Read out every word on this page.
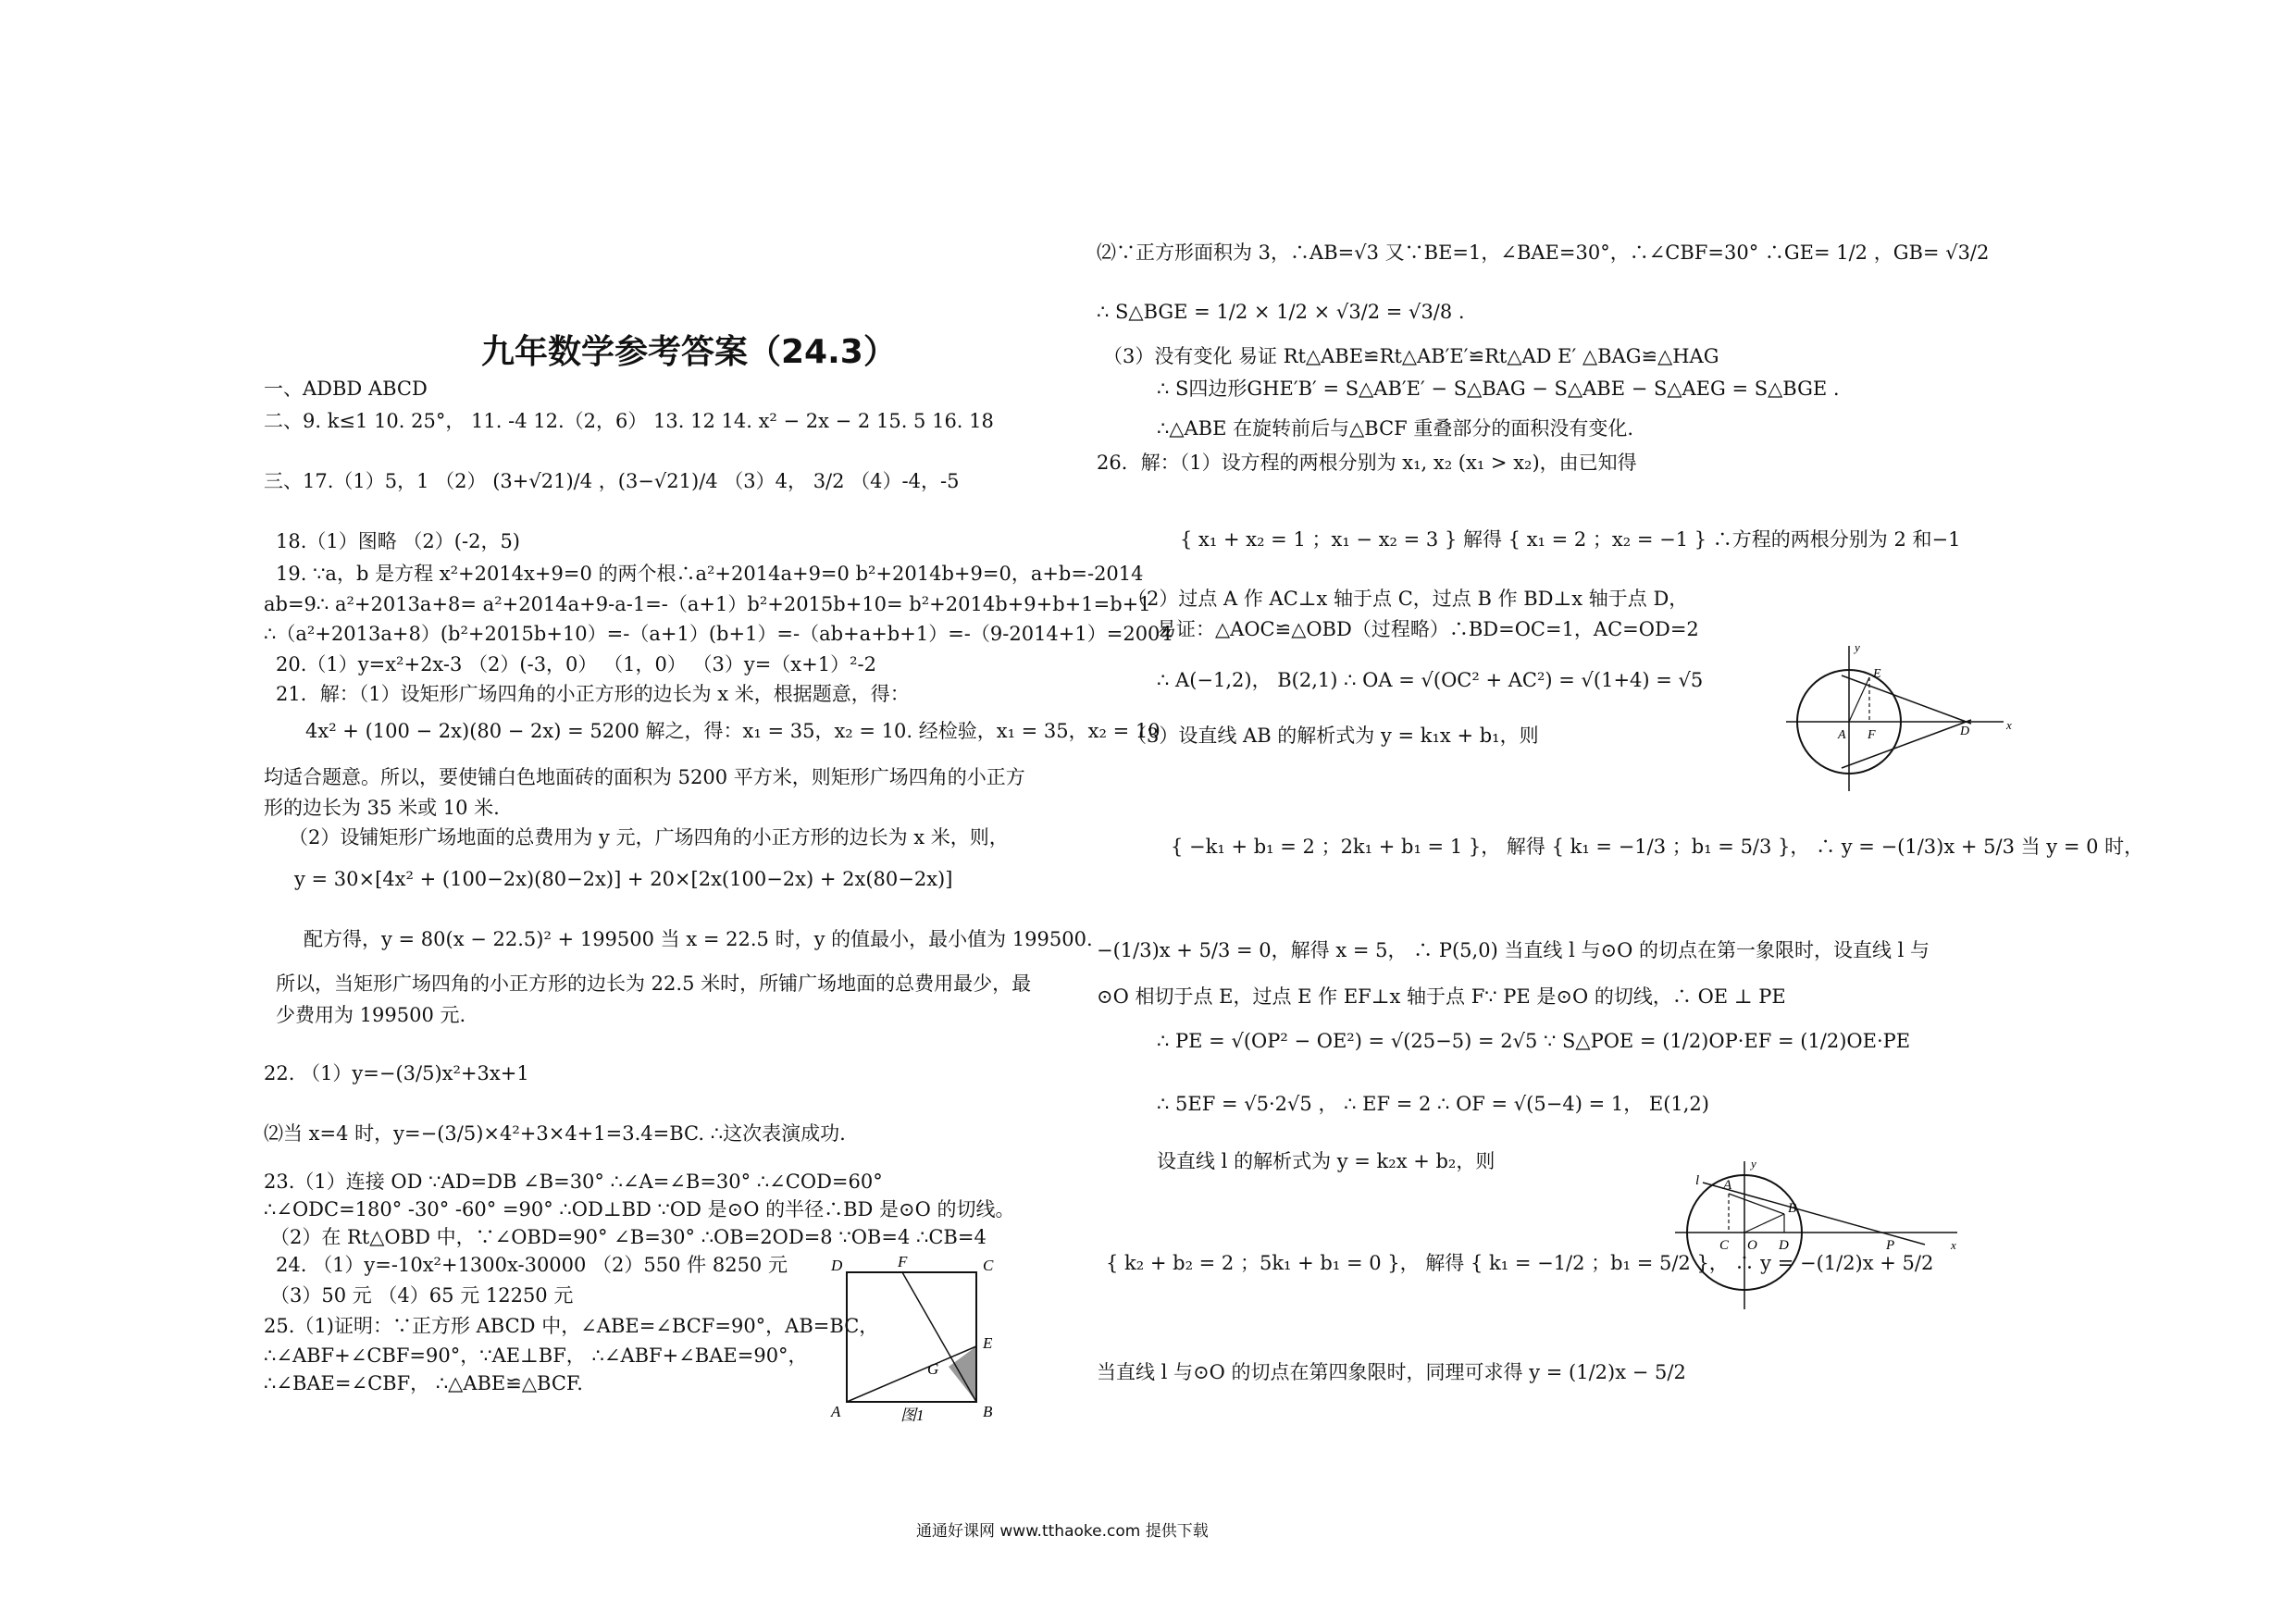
九年数学参考答案（24.3）
一、ADBD ABCD
二、9. k≤1 10. 25°， 11. -4 12.（2，6） 13. 12 14. x² − 2x − 2 15. 5 16. 18
三、17.（1）5，1 （2） (3+√21)/4 ，(3−√21)/4 （3）4， 3/2 （4）-4，-5
18.（1）图略 （2）(-2，5)
19. ∵a，b 是方程 x²+2014x+9=0 的两个根∴a²+2014a+9=0 b²+2014b+9=0，a+b=-2014
ab=9∴ a²+2013a+8= a²+2014a+9-a-1=-（a+1）b²+2015b+10= b²+2014b+9+b+1=b+1
∴（a²+2013a+8）(b²+2015b+10）=-（a+1）(b+1）=-（ab+a+b+1）=-（9-2014+1）=2004
20.（1）y=x²+2x-3 （2）(-3，0） （1，0） （3）y=（x+1）²-2
21．解：（1）设矩形广场四角的小正方形的边长为 x 米，根据题意，得：
4x² + (100 − 2x)(80 − 2x) = 5200 解之，得：x₁ = 35，x₂ = 10. 经检验，x₁ = 35，x₂ = 10
均适合题意。所以，要使铺白色地面砖的面积为 5200 平方米，则矩形广场四角的小正方
形的边长为 35 米或 10 米.
（2）设铺矩形广场地面的总费用为 y 元，广场四角的小正方形的边长为 x 米，则，
y = 30×[4x² + (100−2x)(80−2x)] + 20×[2x(100−2x) + 2x(80−2x)]
配方得，y = 80(x − 22.5)² + 199500 当 x = 22.5 时，y 的值最小，最小值为 199500.
所以，当矩形广场四角的小正方形的边长为 22.5 米时，所铺广场地面的总费用最少，最
少费用为 199500 元.
22. （1）y=−(3/5)x²+3x+1
⑵当 x=4 时，y=−(3/5)×4²+3×4+1=3.4=BC. ∴这次表演成功.
23.（1）连接 OD ∵AD=DB ∠B=30° ∴∠A=∠B=30° ∴∠COD=60°
∴∠ODC=180° -30° -60° =90° ∴OD⊥BD ∵OD 是⊙O 的半径∴BD 是⊙O 的切线。
（2）在 Rt△OBD 中，∵∠OBD=90° ∠B=30° ∴OB=2OD=8 ∵OB=4 ∴CB=4
24. （1）y=-10x²+1300x-30000 （2）550 件 8250 元
（3）50 元 （4）65 元 12250 元
25.（1)证明：∵正方形 ABCD 中，∠ABE=∠BCF=90°，AB=BC，
∴∠ABF+∠CBF=90°，∵AE⊥BF， ∴∠ABF+∠BAE=90°，
∴∠BAE=∠CBF， ∴△ABE≌△BCF.
D	F	C
E
G
A	B
图1
⑵∵正方形面积为 3，∴AB=√3 又∵BE=1，∠BAE=30°，∴∠CBF=30° ∴GE= 1/2 ，GB= √3/2
∴ S△BGE = 1/2 × 1/2 × √3/2 = √3/8 .
（3）没有变化 易证 Rt△ABE≌Rt△AB′E′≌Rt△AD E′ △BAG≌△HAG
∴ S四边形GHE′B′ = S△AB′E′ − S△BAG − S△ABE − S△AEG = S△BGE .
∴△ABE 在旋转前后与△BCF 重叠部分的面积没有变化.
26．解：（1）设方程的两根分别为 x₁, x₂ (x₁ > x₂)，由已知得
{ x₁ + x₂ = 1 ；x₁ − x₂ = 3 } 解得 { x₁ = 2 ；x₂ = −1 } ∴方程的两根分别为 2 和−1
（2）过点 A 作 AC⊥x 轴于点 C，过点 B 作 BD⊥x 轴于点 D，
易证：△AOC≌△OBD（过程略）∴BD=OC=1，AC=OD=2
∴ A(−1,2)， B(2,1) ∴ OA = √(OC² + AC²) = √(1+4) = √5
（3）设直线 AB 的解析式为 y = k₁x + b₁，则
{ −k₁ + b₁ = 2 ；2k₁ + b₁ = 1 }， 解得 { k₁ = −1/3 ；b₁ = 5/3 }， ∴ y = −(1/3)x + 5/3 当 y = 0 时，
−(1/3)x + 5/3 = 0，解得 x = 5， ∴ P(5,0) 当直线 l 与⊙O 的切点在第一象限时，设直线 l 与
⊙O 相切于点 E，过点 E 作 EF⊥x 轴于点 F∵ PE 是⊙O 的切线，∴ OE ⊥ PE
∴ PE = √(OP² − OE²) = √(25−5) = 2√5 ∵ S△POE = (1/2)OP·EF = (1/2)OE·PE
∴ 5EF = √5·2√5 ， ∴ EF = 2 ∴ OF = √(5−4) = 1， E(1,2)
设直线 l 的解析式为 y = k₂x + b₂，则
{ k₂ + b₂ = 2 ；5k₁ + b₁ = 0 }， 解得 { k₁ = −1/2 ；b₁ = 5/2 }， ∴ y = −(1/2)x + 5/2
当直线 l 与⊙O 的切点在第四象限时，同理可求得 y = (1/2)x − 5/2
y
E
A F	D	x
y
l A
B
C O D	P	x
通通好课网 www.tthaoke.com 提供下载
